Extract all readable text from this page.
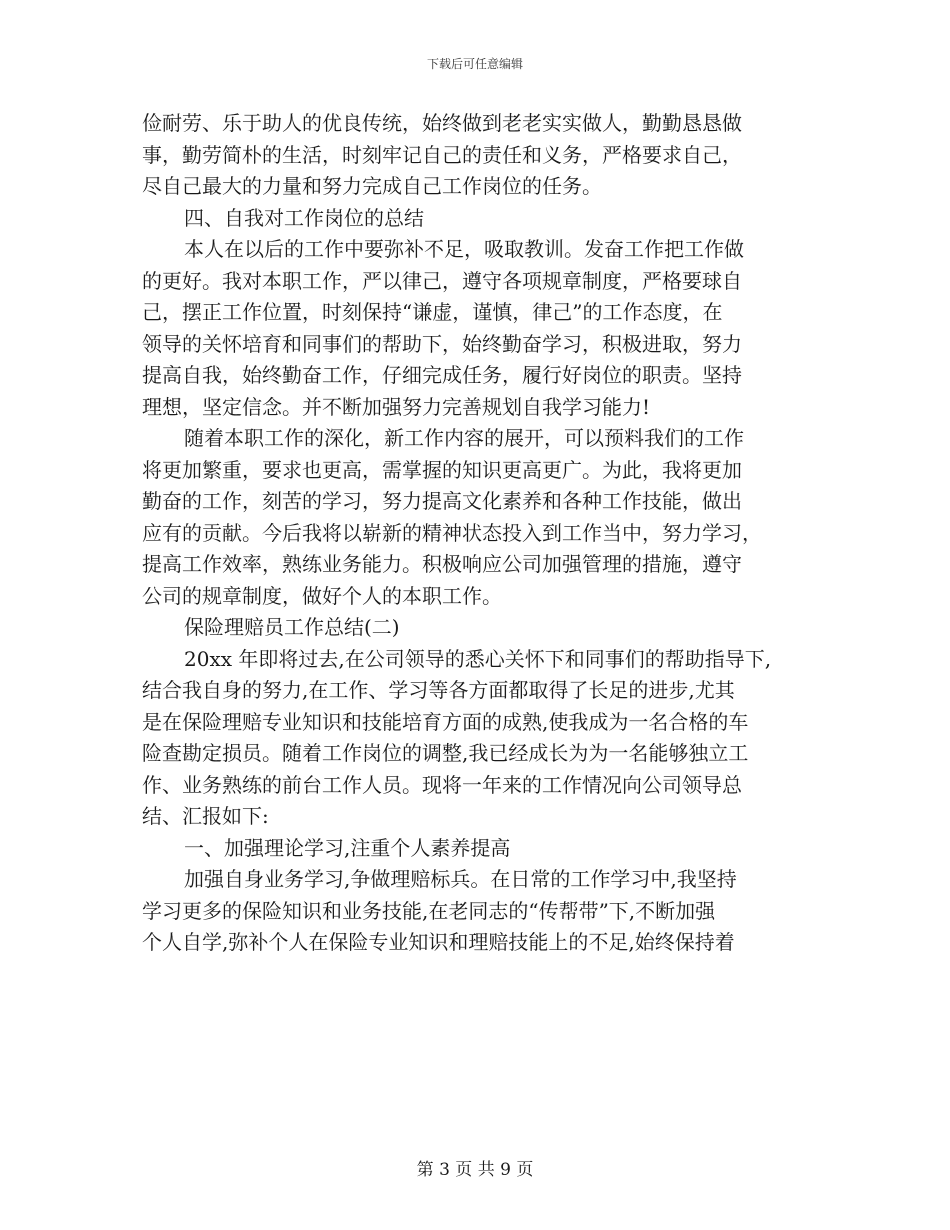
下载后可任意编辑
俭耐劳、乐于助人的优良传统，始终做到老老实实做人，勤勤恳恳做
事，勤劳简朴的生活，时刻牢记自己的责任和义务，严格要求自己，
尽自己最大的力量和努力完成自己工作岗位的任务。
四、自我对工作岗位的总结
本人在以后的工作中要弥补不足，吸取教训。发奋工作把工作做
的更好。我对本职工作，严以律己，遵守各项规章制度，严格要球自
己，摆正工作位置，时刻保持“谦虚，谨慎，律己”的工作态度，在
领导的关怀培育和同事们的帮助下，始终勤奋学习，积极进取，努力
提高自我，始终勤奋工作，仔细完成任务，履行好岗位的职责。坚持
理想，坚定信念。并不断加强努力完善规划自我学习能力!
随着本职工作的深化，新工作内容的展开，可以预料我们的工作
将更加繁重，要求也更高，需掌握的知识更高更广。为此，我将更加
勤奋的工作，刻苦的学习，努力提高文化素养和各种工作技能，做出
应有的贡献。今后我将以崭新的精神状态投入到工作当中，努力学习，
提高工作效率，熟练业务能力。积极响应公司加强管理的措施，遵守
公司的规章制度，做好个人的本职工作。
保险理赔员工作总结(二)
20xx 年即将过去,在公司领导的悉心关怀下和同事们的帮助指导下,
结合我自身的努力,在工作、学习等各方面都取得了长足的进步,尤其
是在保险理赔专业知识和技能培育方面的成熟,使我成为一名合格的车
险查勘定损员。随着工作岗位的调整,我已经成长为为一名能够独立工
作、业务熟练的前台工作人员。现将一年来的工作情况向公司领导总
结、汇报如下:
一、加强理论学习,注重个人素养提高
加强自身业务学习,争做理赔标兵。在日常的工作学习中,我坚持
学习更多的保险知识和业务技能,在老同志的“传帮带”下,不断加强
个人自学,弥补个人在保险专业知识和理赔技能上的不足,始终保持着
第 3 页 共 9 页
